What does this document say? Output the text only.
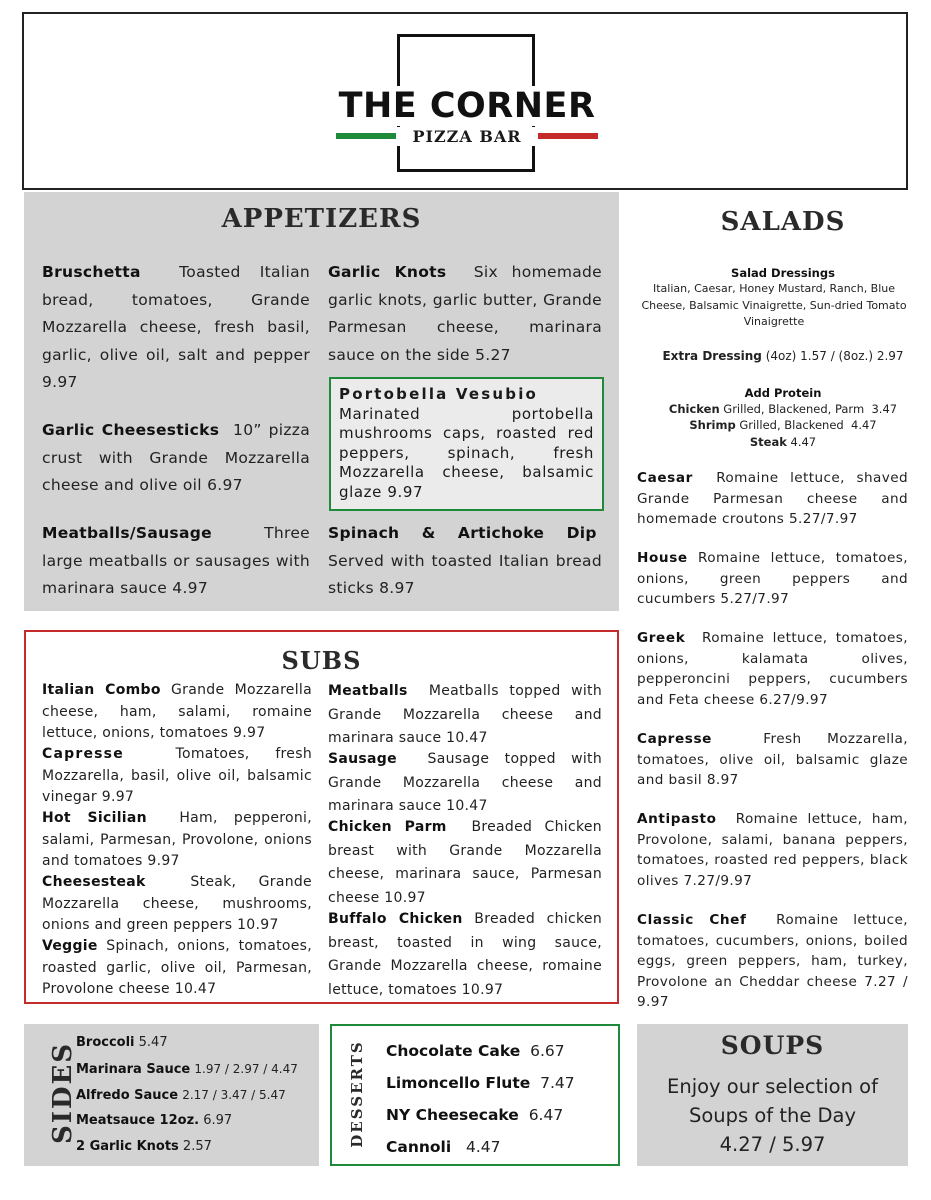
THE CORNER
PIZZA BAR
APPETIZERS
Bruschetta Toasted Italian bread, tomatoes, Grande Mozzarella cheese, fresh basil, garlic, olive oil, salt and pepper 9.97
Garlic Cheesesticks 10” pizza crust with Grande Mozzarella cheese and olive oil 6.97
Meatballs/Sausage	Three large meatballs or sausages with marinara sauce 4.97
Garlic Knots Six homemade garlic knots, garlic butter, Grande Parmesan cheese, marinara sauce on the side 5.27
Portobella Vesubio
Marinated portobella mushrooms caps, roasted red peppers, spinach, fresh Mozzarella cheese, balsamic glaze 9.97
Spinach & Artichoke Dip  Served with toasted Italian bread sticks 8.97
SALADS
Salad Dressings
Italian, Caesar, Honey Mustard, Ranch, Blue Cheese, Balsamic Vinaigrette, Sun-dried Tomato Vinaigrette
Extra Dressing (4oz) 1.57 / (8oz.) 2.97
Add Protein
Chicken Grilled, Blackened, Parm 3.47
Shrimp Grilled, Blackened 4.47
Steak 4.47
Caesar Romaine lettuce, shaved Grande Parmesan cheese and homemade croutons 5.27/7.97
House Romaine lettuce, tomatoes, onions, green peppers and cucumbers 5.27/7.97
Greek Romaine lettuce, tomatoes, onions, kalamata olives, pepperoncini peppers, cucumbers and Feta cheese 6.27/9.97
Capresse	Fresh Mozzarella, tomatoes, olive oil, balsamic glaze and basil 8.97
Antipasto Romaine lettuce, ham, Provolone, salami, banana peppers, tomatoes, roasted red peppers, black olives 7.27/9.97
Classic Chef Romaine lettuce, tomatoes, cucumbers, onions, boiled eggs, green peppers, ham, turkey, Provolone an Cheddar cheese 7.27 / 9.97
SUBS
Italian Combo Grande Mozzarella cheese, ham, salami, romaine lettuce, onions, tomatoes 9.97
Capresse	Tomatoes, fresh Mozzarella, basil, olive oil, balsamic vinegar 9.97
Hot Sicilian Ham, pepperoni, salami, Parmesan, Provolone, onions and tomatoes 9.97
Cheesesteak	Steak, Grande Mozzarella cheese, mushrooms, onions and green peppers 10.97
Veggie Spinach, onions, tomatoes, roasted garlic, olive oil, Parmesan, Provolone cheese 10.47
Meatballs Meatballs topped with Grande Mozzarella cheese and marinara sauce 10.47
Sausage Sausage topped with Grande Mozzarella cheese and marinara sauce 10.47
Chicken Parm Breaded Chicken breast with Grande Mozzarella cheese, marinara sauce, Parmesan cheese 10.97
Buffalo Chicken Breaded chicken breast, toasted in wing sauce, Grande Mozzarella cheese, romaine lettuce, tomatoes 10.97
SIDES
Broccoli 5.47
Marinara Sauce 1.97 / 2.97 / 4.47
Alfredo Sauce 2.17 / 3.47 / 5.47
Meatsauce 12oz. 6.97
2 Garlic Knots 2.57	DESSERTS Chocolate Cake 6.67
Limoncello Flute 7.47
NY Cheesecake 6.47
Cannoli 4.47
SOUPS
Enjoy our selection of
Soups of the Day
4.27 / 5.97
